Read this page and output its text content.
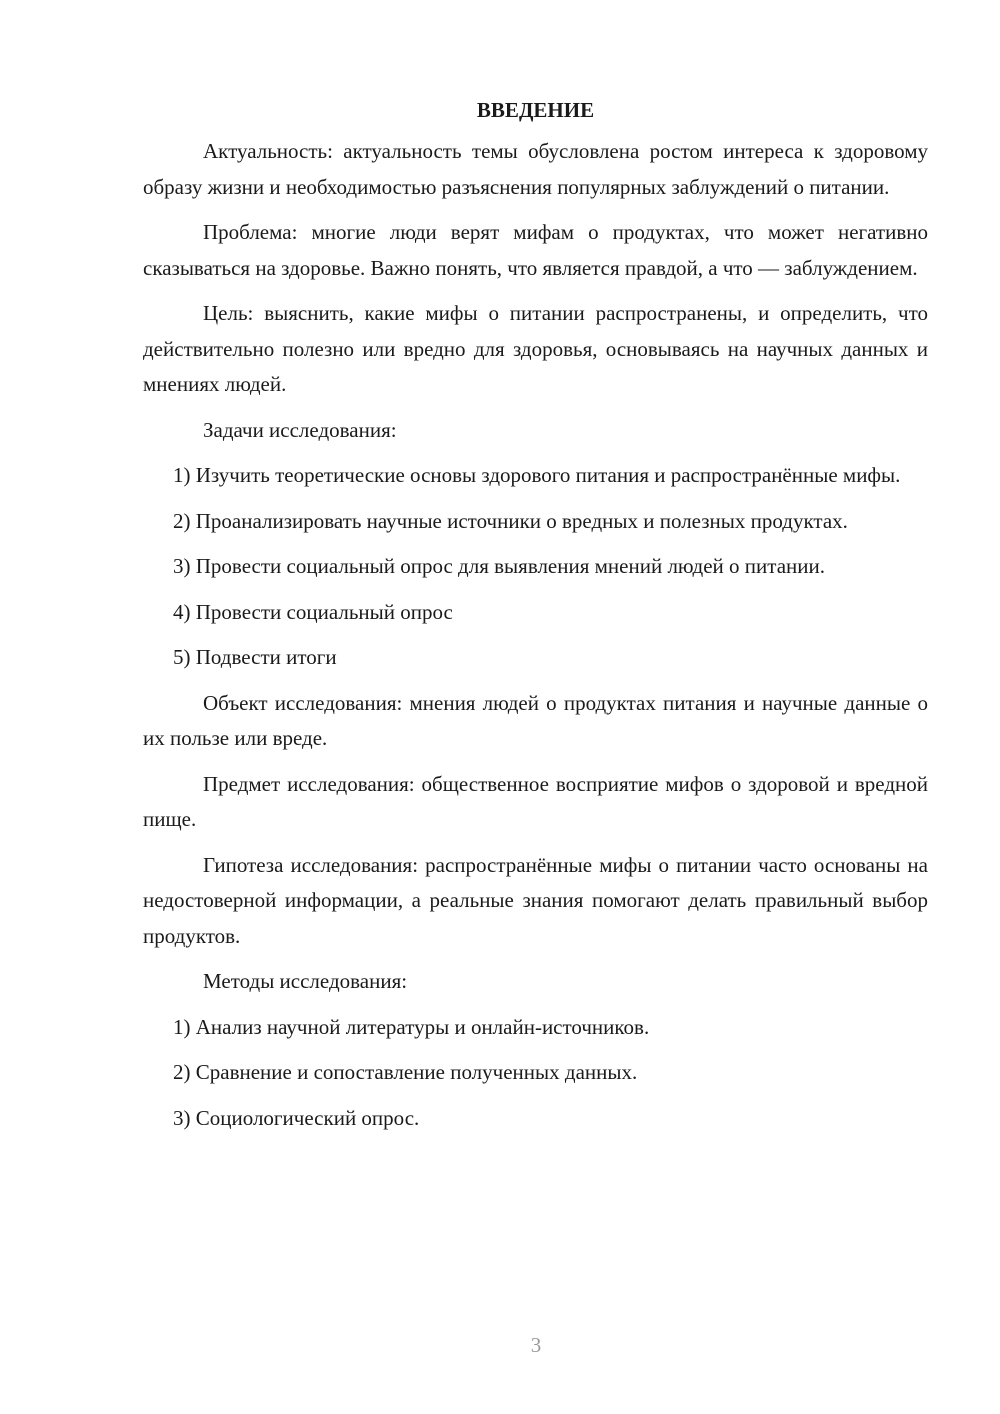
ВВЕДЕНИЕ

Актуальность: актуальность темы обусловлена ростом интереса к здоровому образу жизни и необходимостью разъяснения популярных заблуждений о питании.

Проблема: многие люди верят мифам о продуктах, что может негативно сказываться на здоровье. Важно понять, что является правдой, а что — заблуждением.

Цель: выяснить, какие мифы о питании распространены, и определить, что действительно полезно или вредно для здоровья, основываясь на научных данных и мнениях людей.

Задачи исследования:

1) Изучить теоретические основы здорового питания и распространённые мифы.

2) Проанализировать научные источники о вредных и полезных продуктах.

3) Провести социальный опрос для выявления мнений людей о питании.

4) Провести социальный опрос

5) Подвести итоги

Объект исследования: мнения людей о продуктах питания и научные данные о их пользе или вреде.

Предмет исследования: общественное восприятие мифов о здоровой и вредной пище.

Гипотеза исследования: распространённые мифы о питании часто основаны на недостоверной информации, а реальные знания помогают делать правильный выбор продуктов.

Методы исследования:

1) Анализ научной литературы и онлайн-источников.

2) Сравнение и сопоставление полученных данных.

3) Социологический опрос.

3
